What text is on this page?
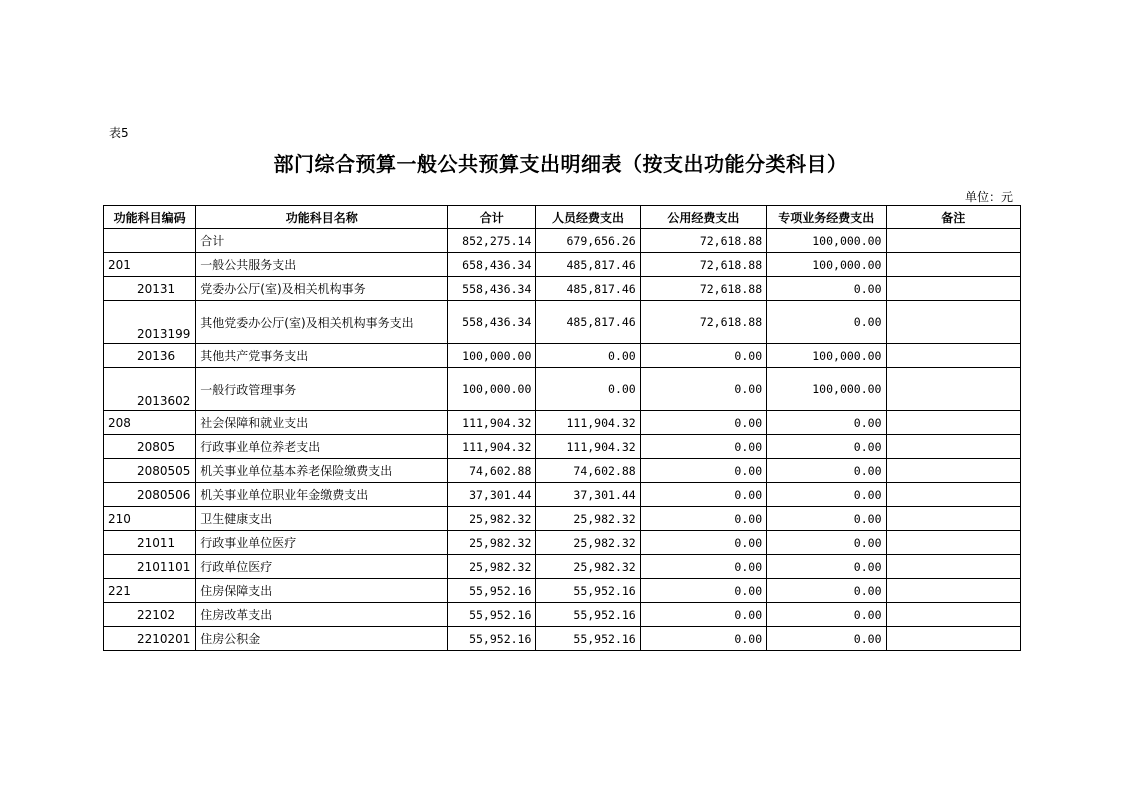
表5
部门综合预算一般公共预算支出明细表（按支出功能分类科目）
单位：元
功能科目编码	功能科目名称	合计	人员经费支出	公用经费支出	专项业务经费支出	备注
	合计	852,275.14	679,656.26	72,618.88	100,000.00	
201	一般公共服务支出	658,436.34	485,817.46	72,618.88	100,000.00	
20131	党委办公厅(室)及相关机构事务	558,436.34	485,817.46	72,618.88	0.00	
2013199	其他党委办公厅(室)及相关机构事务支出	558,436.34	485,817.46	72,618.88	0.00	
20136	其他共产党事务支出	100,000.00	0.00	0.00	100,000.00	
2013602	一般行政管理事务	100,000.00	0.00	0.00	100,000.00	
208	社会保障和就业支出	111,904.32	111,904.32	0.00	0.00	
20805	行政事业单位养老支出	111,904.32	111,904.32	0.00	0.00	
2080505	机关事业单位基本养老保险缴费支出	74,602.88	74,602.88	0.00	0.00	
2080506	机关事业单位职业年金缴费支出	37,301.44	37,301.44	0.00	0.00	
210	卫生健康支出	25,982.32	25,982.32	0.00	0.00	
21011	行政事业单位医疗	25,982.32	25,982.32	0.00	0.00	
2101101	行政单位医疗	25,982.32	25,982.32	0.00	0.00	
221	住房保障支出	55,952.16	55,952.16	0.00	0.00	
22102	住房改革支出	55,952.16	55,952.16	0.00	0.00	
2210201	住房公积金	55,952.16	55,952.16	0.00	0.00	
